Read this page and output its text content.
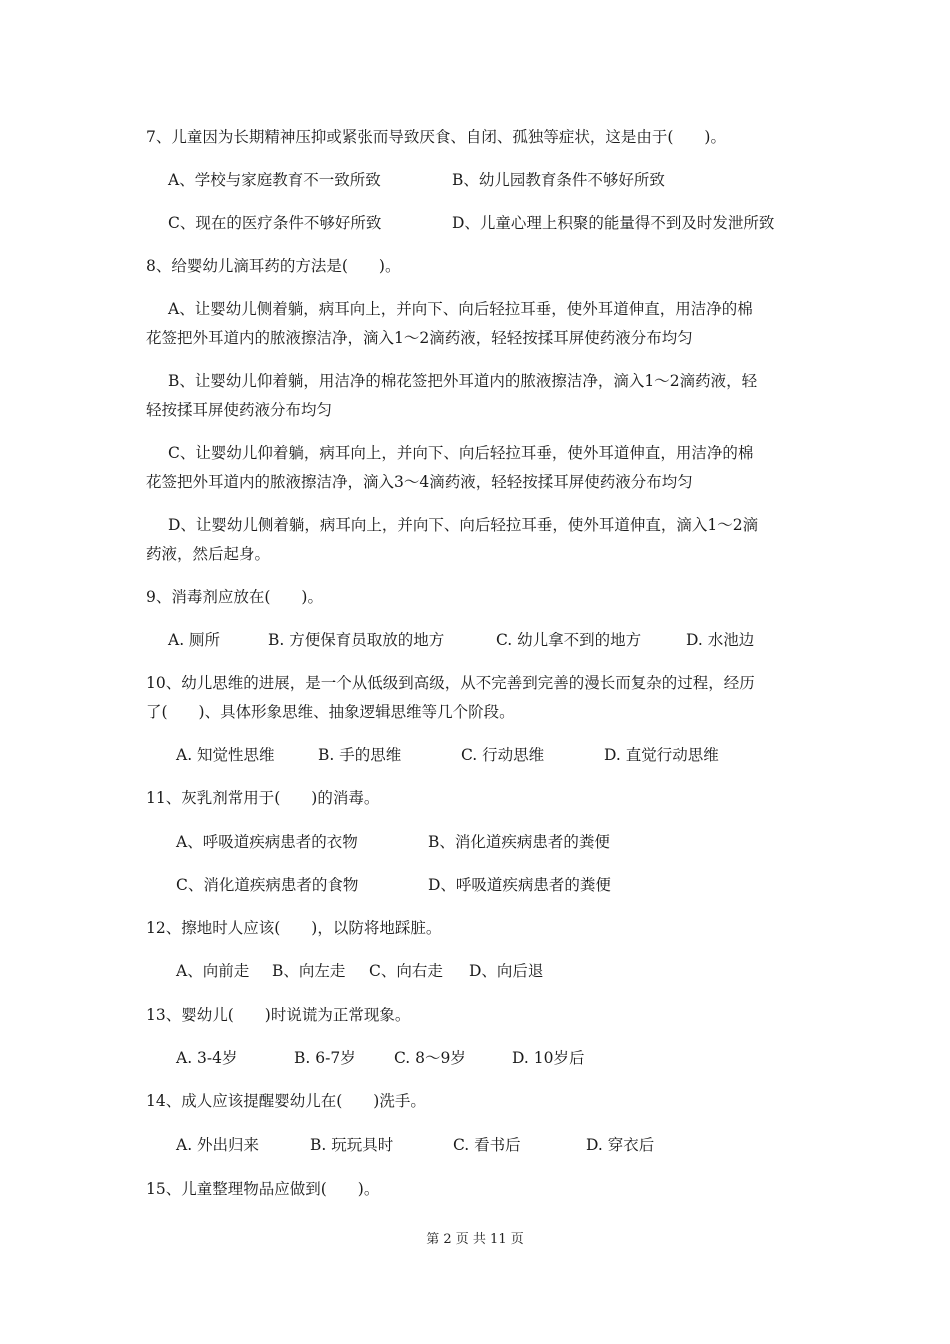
7、儿童因为长期精神压抑或紧张而导致厌食、自闭、孤独等症状，这是由于(　　)。
A、学校与家庭教育不一致所致	B、幼儿园教育条件不够好所致
C、现在的医疗条件不够好所致	D、儿童心理上积聚的能量得不到及时发泄所致
8、给婴幼儿滴耳药的方法是(　　)。
A、让婴幼儿侧着躺，病耳向上，并向下、向后轻拉耳垂，使外耳道伸直，用洁净的棉
花签把外耳道内的脓液擦洁净，滴入1～2滴药液，轻轻按揉耳屏使药液分布均匀
B、让婴幼儿仰着躺，用洁净的棉花签把外耳道内的脓液擦洁净，滴入1～2滴药液，轻
轻按揉耳屏使药液分布均匀
C、让婴幼儿仰着躺，病耳向上，并向下、向后轻拉耳垂，使外耳道伸直，用洁净的棉
花签把外耳道内的脓液擦洁净，滴入3～4滴药液，轻轻按揉耳屏使药液分布均匀
D、让婴幼儿侧着躺，病耳向上，并向下、向后轻拉耳垂，使外耳道伸直，滴入1～2滴
药液，然后起身。
9、消毒剂应放在(　　)。
A. 厕所	B. 方便保育员取放的地方	C. 幼儿拿不到的地方	D. 水池边
10、幼儿思维的进展，是一个从低级到高级，从不完善到完善的漫长而复杂的过程，经历
了(　　)、具体形象思维、抽象逻辑思维等几个阶段。
A. 知觉性思维	B. 手的思维	C. 行动思维	D. 直觉行动思维
11、灰乳剂常用于(　　)的消毒。
A、呼吸道疾病患者的衣物	B、消化道疾病患者的粪便
C、消化道疾病患者的食物	D、呼吸道疾病患者的粪便
12、擦地时人应该(　　)，以防将地踩脏。
A、向前走 B、向左走 C、向右走 D、向后退
13、婴幼儿(　　)时说谎为正常现象。
A. 3-4岁	B. 6-7岁 C. 8～9岁	D. 10岁后
14、成人应该提醒婴幼儿在(　　)洗手。
A. 外出归来	B. 玩玩具时	C. 看书后	D. 穿衣后
15、儿童整理物品应做到(　　)。
第 2 页 共 11 页
